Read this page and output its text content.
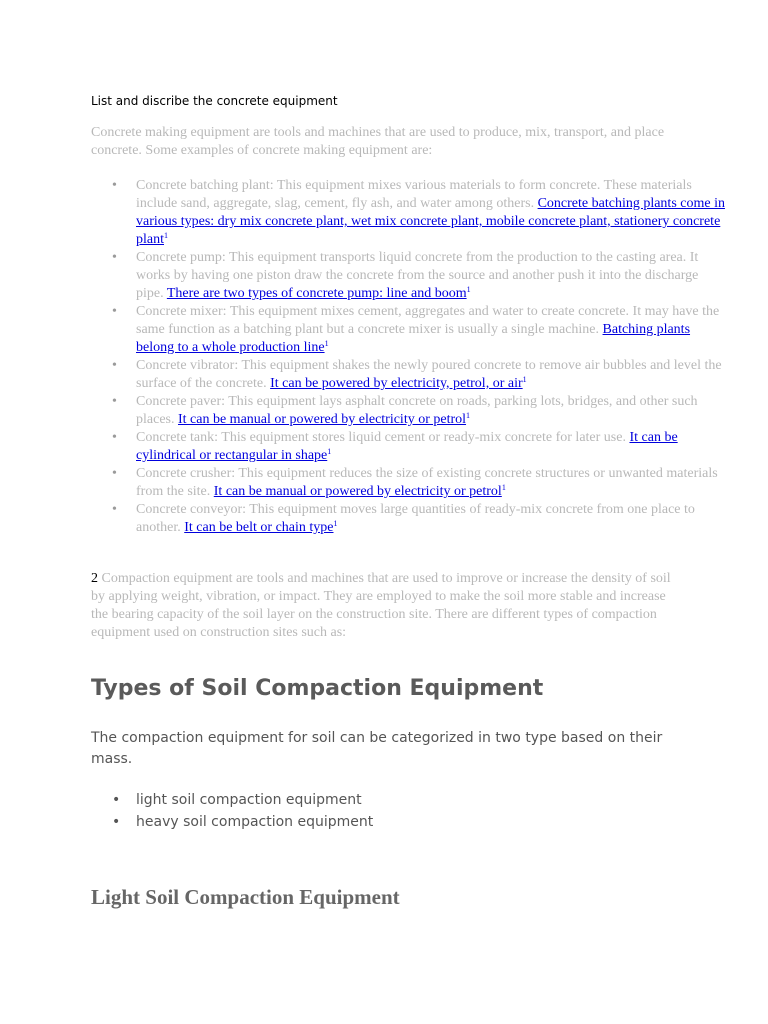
List and discribe the concrete equipment

Concrete making equipment are tools and machines that are used to produce, mix, transport, and place concrete. Some examples of concrete making equipment are:

• Concrete batching plant: This equipment mixes various materials to form concrete. These materials include sand, aggregate, slag, cement, fly ash, and water among others. Concrete batching plants come in various types: dry mix concrete plant, wet mix concrete plant, mobile concrete plant, stationery concrete plant$^1$
• Concrete pump: This equipment transports liquid concrete from the production to the casting area. It works by having one piston draw the concrete from the source and another push it into the discharge pipe. There are two types of concrete pump: line and boom$^1$
• Concrete mixer: This equipment mixes cement, aggregates and water to create concrete. It may have the same function as a batching plant but a concrete mixer is usually a single machine. Batching plants belong to a whole production line$^1$
• Concrete vibrator: This equipment shakes the newly poured concrete to remove air bubbles and level the surface of the concrete. It can be powered by electricity, petrol, or air$^1$
• Concrete paver: This equipment lays asphalt concrete on roads, parking lots, bridges, and other such places. It can be manual or powered by electricity or petrol$^1$
• Concrete tank: This equipment stores liquid cement or ready-mix concrete for later use. It can be cylindrical or rectangular in shape$^1$
• Concrete crusher: This equipment reduces the size of existing concrete structures or unwanted materials from the site. It can be manual or powered by electricity or petrol$^1$
• Concrete conveyor: This equipment moves large quantities of ready-mix concrete from one place to another. It can be belt or chain type$^1$

2 Compaction equipment are tools and machines that are used to improve or increase the density of soil by applying weight, vibration, or impact. They are employed to make the soil more stable and increase the bearing capacity of the soil layer on the construction site. There are different types of compaction equipment used on construction sites such as:

Types of Soil Compaction Equipment

The compaction equipment for soil can be categorized in two type based on their mass.

• light soil compaction equipment
• heavy soil compaction equipment
Light Soil Compaction Equipment
